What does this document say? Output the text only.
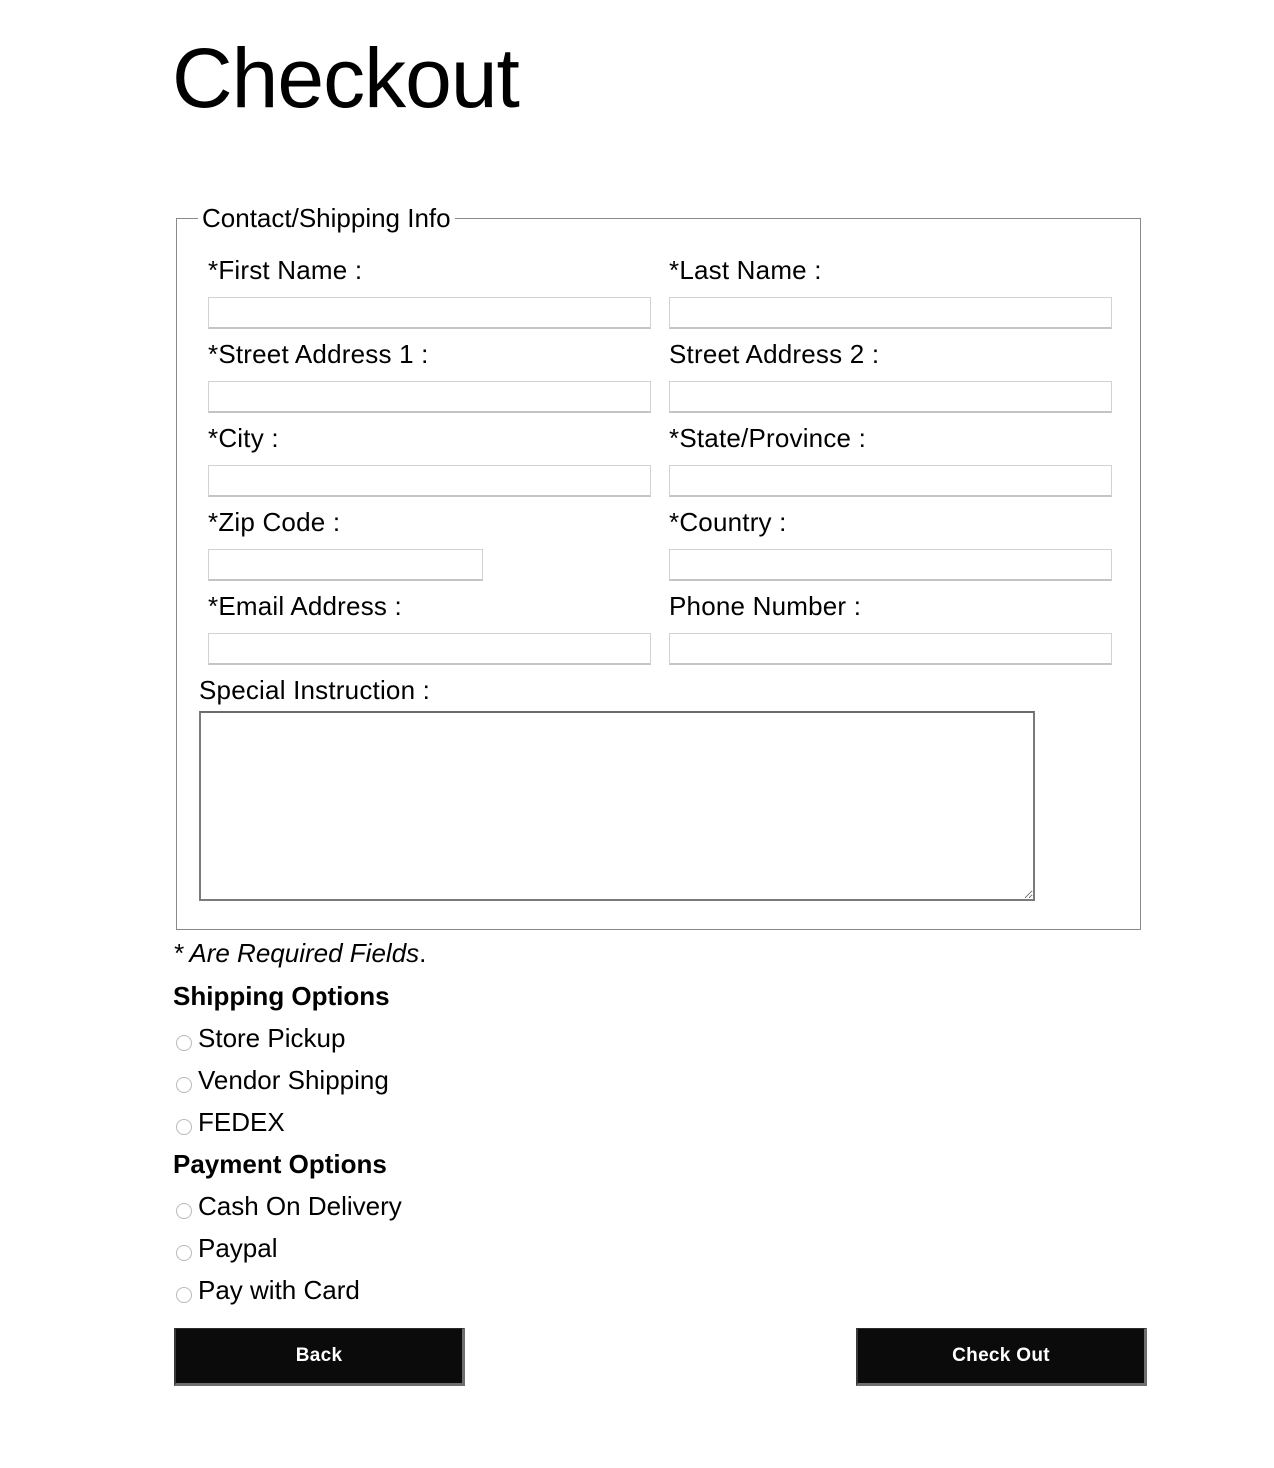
Checkout
Contact/Shipping Info
*First Name :	*Last Name :
*Street Address 1 :	Street Address 2 :
*City :	*State/Province :
*Zip Code :	*Country :
*Email Address :	Phone Number :
Special Instruction :
* Are Required Fields.
Shipping Options
Store Pickup
Vendor Shipping
FEDEX
Payment Options
Cash On Delivery
Paypal
Pay with Card
Back	Check Out
